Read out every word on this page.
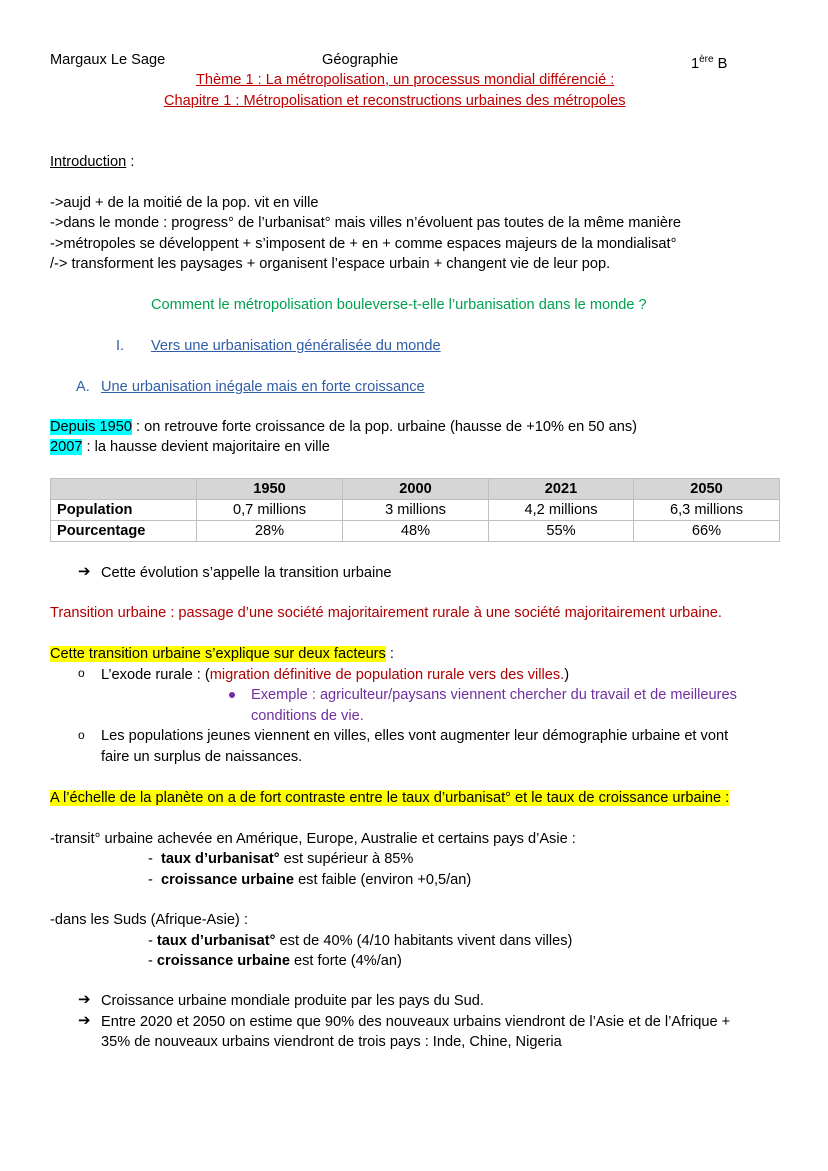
Margaux Le Sage	Géographie	1ère B
Thème 1 : La métropolisation, un processus mondial différencié :
Chapitre 1 : Métropolisation et reconstructions urbaines des métropoles
Introduction :
->aujd + de la moitié de la pop. vit en ville
->dans le monde : progress° de l’urbanisat° mais villes n’évoluent pas toutes de la même manière
->métropoles se développent + s’imposent de + en + comme espaces majeurs de la mondialisat°
/-> transforment les paysages + organisent l’espace urbain + changent vie de leur pop.
Comment le métropolisation bouleverse-t-elle l’urbanisation dans le monde ?
I. Vers une urbanisation généralisée du monde
A. Une urbanisation inégale mais en forte croissance
Depuis 1950 : on retrouve forte croissance de la pop. urbaine (hausse de +10% en 50 ans)
2007 : la hausse devient majoritaire en ville
	1950	2000	2021	2050
Population	0,7 millions	3 millions	4,2 millions	6,3 millions
Pourcentage	28%	48%	55%	66%
➔ Cette évolution s’appelle la transition urbaine
Transition urbaine : passage d’une société majoritairement rurale à une société majoritairement urbaine.
Cette transition urbaine s’explique sur deux facteurs :
o L’exode rurale : (migration définitive de population rurale vers des villes.)
Exemple : agriculteur/paysans viennent chercher du travail et de meilleures
conditions de vie.
o Les populations jeunes viennent en villes, elles vont augmenter leur démographie urbaine et vont
faire un surplus de naissances.
A l’échelle de la planète on a de fort contraste entre le taux d’urbanisat° et le taux de croissance urbaine :
-transit° urbaine achevée en Amérique, Europe, Australie et certains pays d’Asie :
-  taux d’urbanisat° est supérieur à 85%
-  croissance urbaine est faible (environ +0,5/an)
-dans les Suds (Afrique-Asie) :
- taux d’urbanisat° est de 40% (4/10 habitants vivent dans villes)
- croissance urbaine est forte (4%/an)
➔ Croissance urbaine mondiale produite par les pays du Sud.
➔ Entre 2020 et 2050 on estime que 90% des nouveaux urbains viendront de l’Asie et de l’Afrique +
35% de nouveaux urbains viendront de trois pays : Inde, Chine, Nigeria
